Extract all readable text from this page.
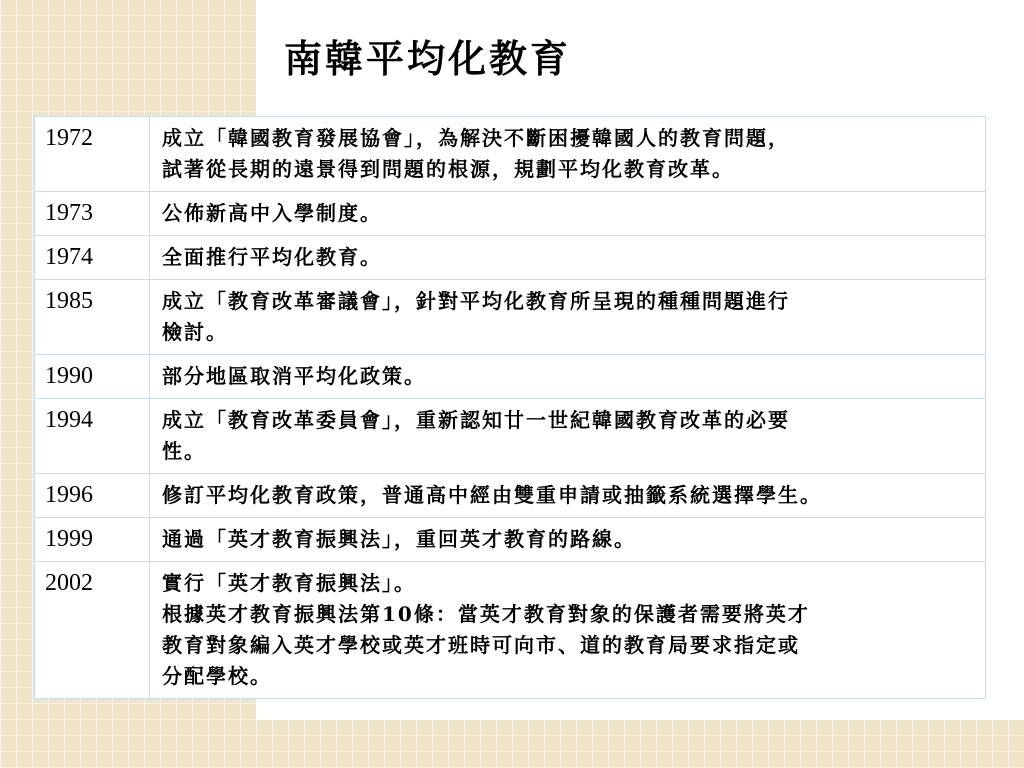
南韓平均化教育
1972	成立「韓國教育發展協會」，為解決不斷困擾韓國人的教育問題，
試著從長期的遠景得到問題的根源，規劃平均化教育改革。

1973	公佈新高中入學制度。

1974	全面推行平均化教育。

1985	成立「教育改革審議會」，針對平均化教育所呈現的種種問題進行
檢討。

1990	部分地區取消平均化政策。

1994	成立「教育改革委員會」，重新認知廿一世紀韓國教育改革的必要
性。

1996	修訂平均化教育政策，普通高中經由雙重申請或抽籤系統選擇學生。

1999	通過「英才教育振興法」，重回英才教育的路線。

2002	實行「英才教育振興法」。
根據英才教育振興法第10條：當英才教育對象的保護者需要將英才
教育對象編入英才學校或英才班時可向市、道的教育局要求指定或
分配學校。
